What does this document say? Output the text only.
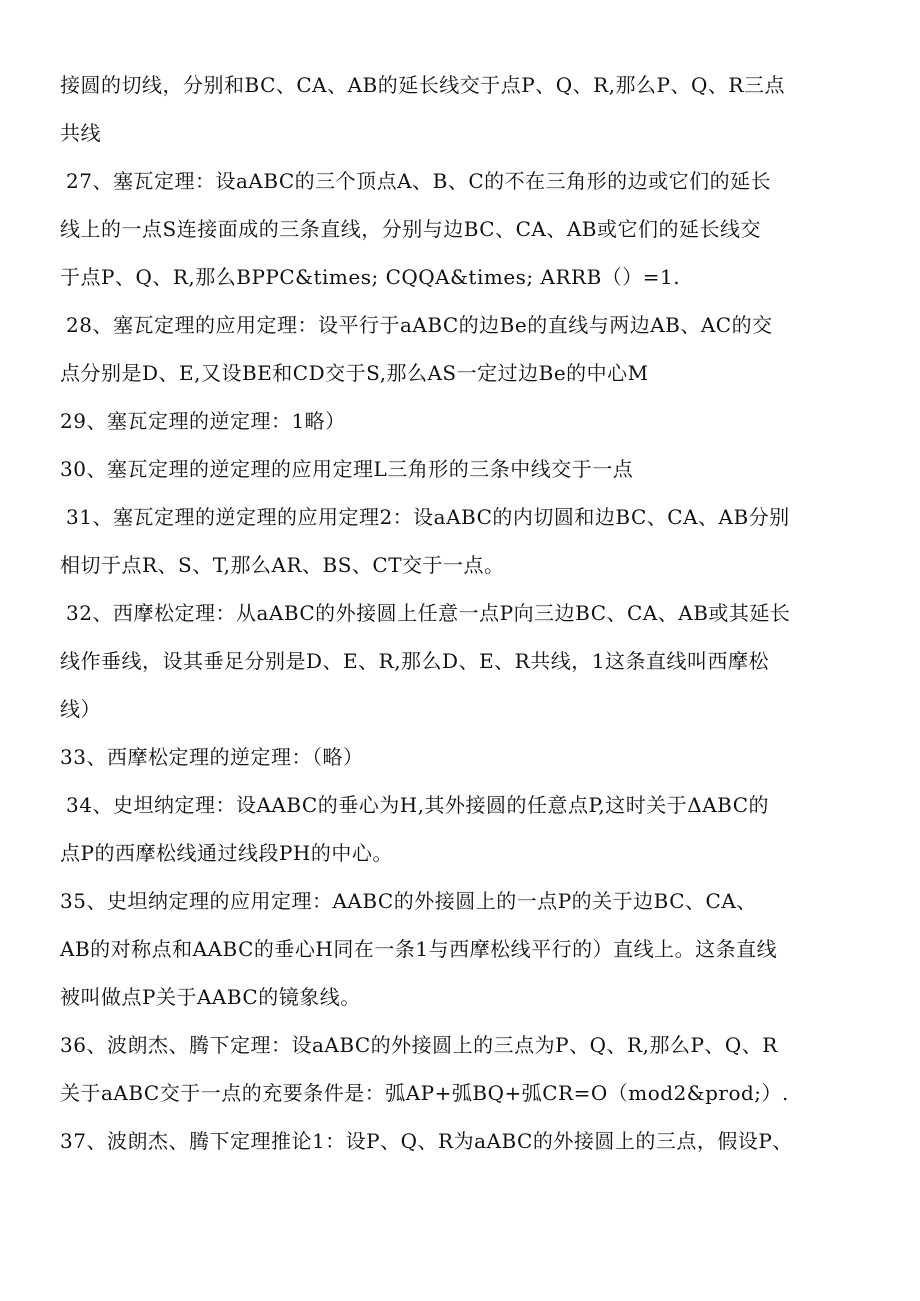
接圆的切线，分别和BC、CA、AB的延长线交于点P、Q、R,那么P、Q、R三点
共线
27、塞瓦定理：设aABC的三个顶点A、B、C的不在三角形的边或它们的延长
线上的一点S连接面成的三条直线，分别与边BC、CA、AB或它们的延长线交
于点P、Q、R,那么BPPC&times; CQQA&times; ARRB（）=1.
28、塞瓦定理的应用定理：设平行于aABC的边Be的直线与两边AB、AC的交
点分别是D、E,又设BE和CD交于S,那么AS一定过边Be的中心M
29、塞瓦定理的逆定理：1略）
30、塞瓦定理的逆定理的应用定理L三角形的三条中线交于一点
31、塞瓦定理的逆定理的应用定理2：设aABC的内切圆和边BC、CA、AB分别
相切于点R、S、T,那么AR、BS、CT交于一点。
32、西摩松定理：从aABC的外接圆上任意一点P向三边BC、CA、AB或其延长
线作垂线，设其垂足分别是D、E、R,那么D、E、R共线，1这条直线叫西摩松
线）
33、西摩松定理的逆定理：（略）
34、史坦纳定理：设AABC的垂心为H,其外接圆的任意点P,这时关于ΔABC的
点P的西摩松线通过线段PH的中心。
35、史坦纳定理的应用定理：AABC的外接圆上的一点P的关于边BC、CA、
AB的对称点和AABC的垂心H同在一条1与西摩松线平行的）直线上。这条直线
被叫做点P关于AABC的镜象线。
36、波朗杰、腾下定理：设aABC的外接圆上的三点为P、Q、R,那么P、Q、R
关于aABC交于一点的充要条件是：弧AP+弧BQ+弧CR=O（mod2&prod;）.
37、波朗杰、腾下定理推论1：设P、Q、R为aABC的外接圆上的三点，假设P、
